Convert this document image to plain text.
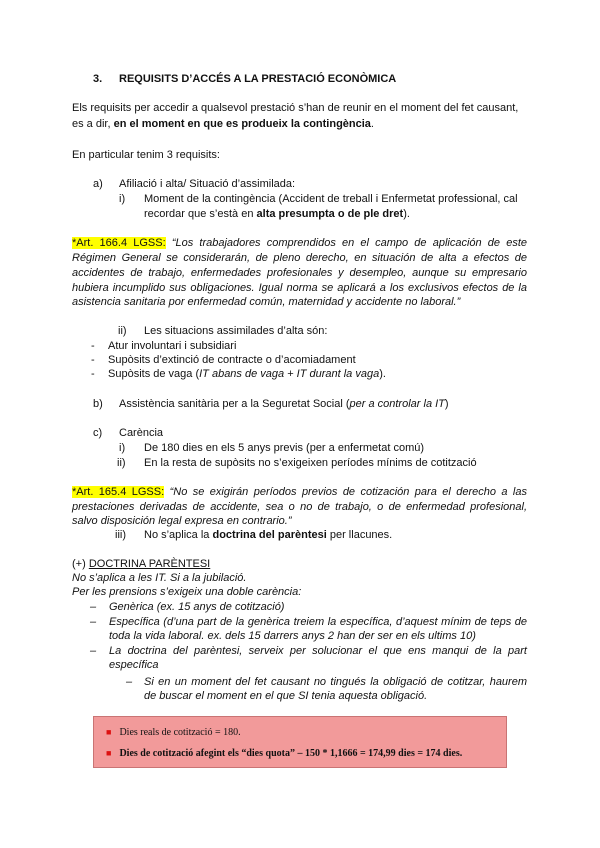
3. REQUISITS D’ACCÉS A LA PRESTACIÓ ECONÒMICA
Els requisits per accedir a qualsevol prestació s’han de reunir en el moment del fet causant,
es a dir, en el moment en que es produeix la contingència.
En particular tenim 3 requisits:
a) Afiliació i alta/ Situació d’assimilada:
i) Moment de la contingència (Accident de treball i Enfermetat professional, cal
recordar que s’està en alta presumpta o de ple dret).
*Art. 166.4 LGSS: “Los trabajadores comprendidos en el campo de aplicación de este
Régimen General se considerarán, de pleno derecho, en situación de alta a efectos de
accidentes de trabajo, enfermedades profesionales y desempleo, aunque su empresario
hubiera incumplido sus obligaciones. Igual norma se aplicará a los exclusivos efectos de la
asistencia sanitaria por enfermedad común, maternidad y accidente no laboral.”
ii) Les situacions assimilades d’alta són:
- Atur involuntari i subsidiari
- Supòsits d’extinció de contracte o d’acomiadament
- Supòsits de vaga (IT abans de vaga + IT durant la vaga).
b) Assistència sanitària per a la Seguretat Social (per a controlar la IT)
c) Carència
i) De 180 dies en els 5 anys previs (per a enfermetat comú)
ii) En la resta de supòsits no s’exigeixen períodes mínims de cotització
*Art. 165.4 LGSS: “No se exigirán períodos previos de cotización para el derecho a las
prestaciones derivadas de accidente, sea o no de trabajo, o de enfermedad profesional,
salvo disposición legal expresa en contrario.”
iii) No s’aplica la doctrina del parèntesi per llacunes.
(+) DOCTRINA PARÈNTESI
No s’aplica a les IT. Si a la jubilació.
Per les prensions s’exigeix una doble carència:
– Genèrica (ex. 15 anys de cotització)
– Específica (d’una part de la genèrica treiem la específica, d’aquest mínim de teps de
toda la vida laboral. ex. dels 15 darrers anys 2 han der ser en els ultims 10)
– La doctrina del parèntesi, serveix per solucionar el que ens manqui de la part
específica
– Si en un moment del fet causant no tingués la obligació de cotitzar, haurem
de buscar el moment en el que SI tenia aquesta obligació.
■ Dies reals de cotització = 180.
■ Dies de cotització afegint els “dies quota” – 150 * 1,1666 = 174,99 dies = 174 dies.
